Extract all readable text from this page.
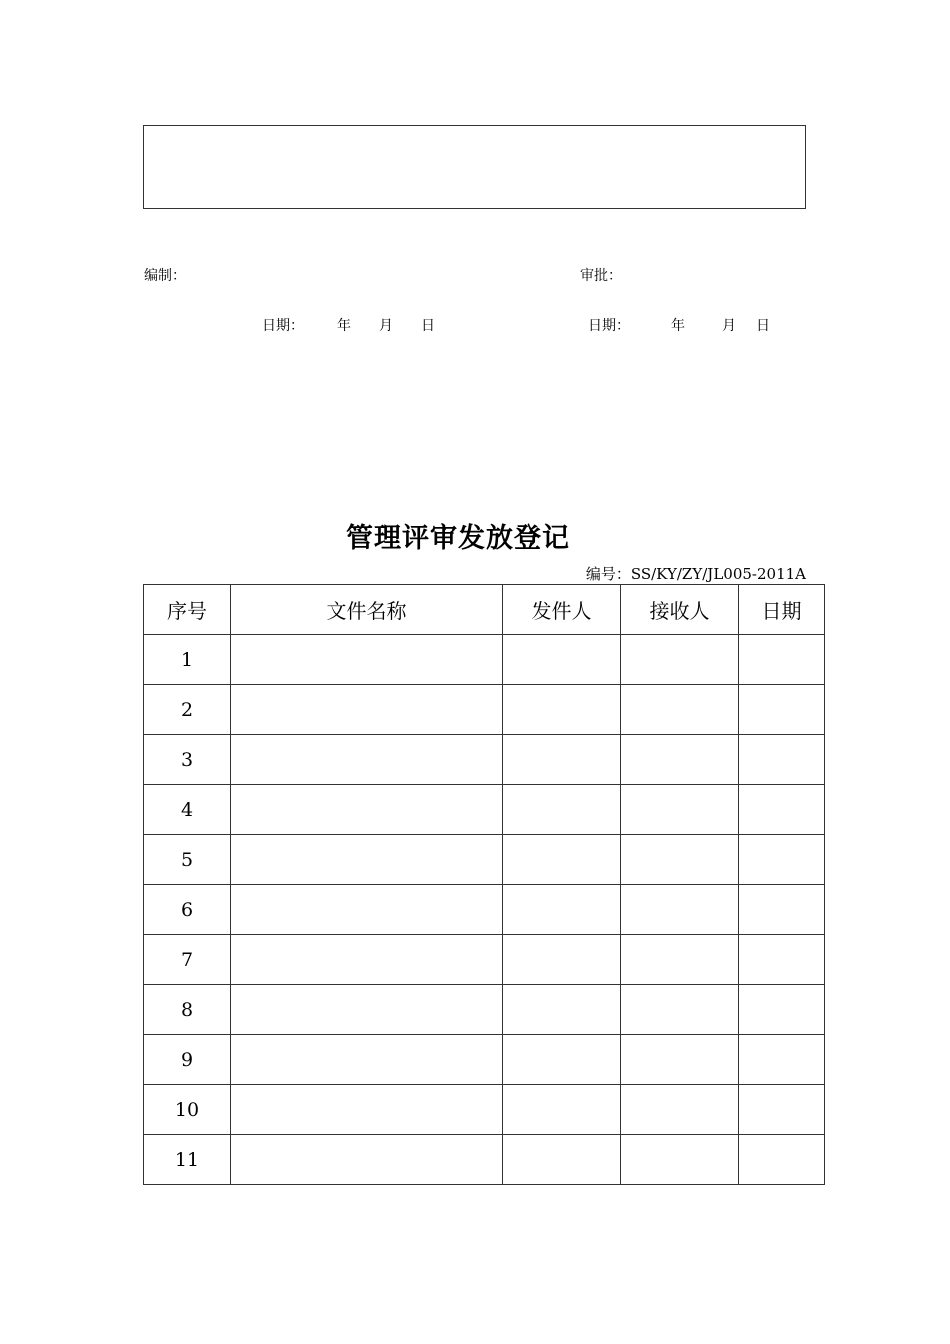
编制：	审批：
日期： 年 月 日	日期：	年	月 日
管理评审发放登记
编号：SS/KY/ZY/JL005-2011A
序号	文件名称	发件人	接收人	日期
1				
2				
3				
4				
5				
6				
7				
8				
9				
10				
11				
